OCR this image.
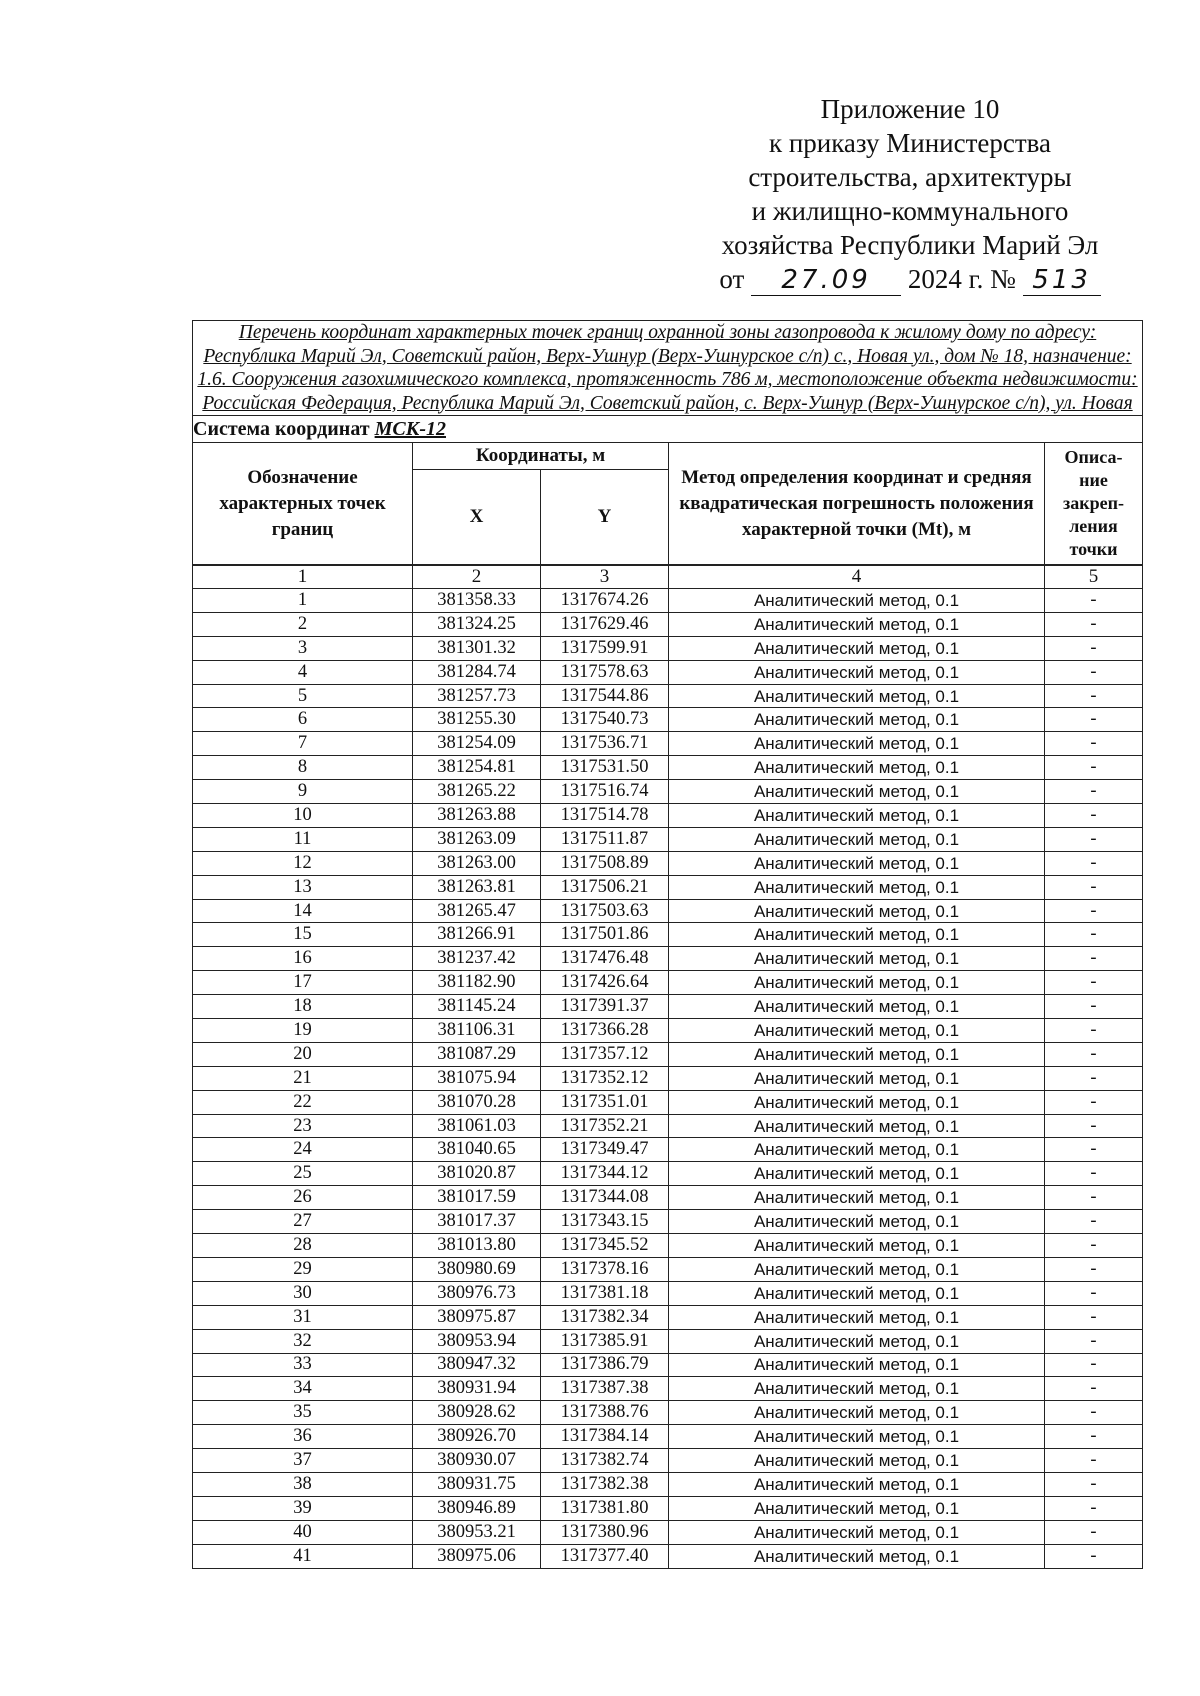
Приложение 10
к приказу Министерства
строительства, архитектуры
и жилищно-коммунального
хозяйства Республики Марий Эл
от 27.09 2024 г. № 513
Перечень координат характерных точек границ охранной зоны газопровода к жилому дому по адресу: Республика Марий Эл, Советский район, Верх-Ушнур (Верх-Ушнурское с/п) с., Новая ул., дом № 18, назначение: 1.6. Сооружения газохимического комплекса, протяженность 786 м, местоположение объекта недвижимости: Российская Федерация, Республика Марий Эл, Советский район, с. Верх-Ушнур (Верх-Ушнурское с/п), ул. Новая				
Система координат МСК-12				
Обозначение характерных точек границ	Координаты, м		Метод определения координат и средняя квадратическая погрешность положения характерной точки (Mt), м	Описа-ние закреп-ления точки
	X	Y		
1	2	3	4	5
1	381358.33	1317674.26	Аналитический метод, 0.1	-
2	381324.25	1317629.46	Аналитический метод, 0.1	-
3	381301.32	1317599.91	Аналитический метод, 0.1	-
4	381284.74	1317578.63	Аналитический метод, 0.1	-
5	381257.73	1317544.86	Аналитический метод, 0.1	-
6	381255.30	1317540.73	Аналитический метод, 0.1	-
7	381254.09	1317536.71	Аналитический метод, 0.1	-
8	381254.81	1317531.50	Аналитический метод, 0.1	-
9	381265.22	1317516.74	Аналитический метод, 0.1	-
10	381263.88	1317514.78	Аналитический метод, 0.1	-
11	381263.09	1317511.87	Аналитический метод, 0.1	-
12	381263.00	1317508.89	Аналитический метод, 0.1	-
13	381263.81	1317506.21	Аналитический метод, 0.1	-
14	381265.47	1317503.63	Аналитический метод, 0.1	-
15	381266.91	1317501.86	Аналитический метод, 0.1	-
16	381237.42	1317476.48	Аналитический метод, 0.1	-
17	381182.90	1317426.64	Аналитический метод, 0.1	-
18	381145.24	1317391.37	Аналитический метод, 0.1	-
19	381106.31	1317366.28	Аналитический метод, 0.1	-
20	381087.29	1317357.12	Аналитический метод, 0.1	-
21	381075.94	1317352.12	Аналитический метод, 0.1	-
22	381070.28	1317351.01	Аналитический метод, 0.1	-
23	381061.03	1317352.21	Аналитический метод, 0.1	-
24	381040.65	1317349.47	Аналитический метод, 0.1	-
25	381020.87	1317344.12	Аналитический метод, 0.1	-
26	381017.59	1317344.08	Аналитический метод, 0.1	-
27	381017.37	1317343.15	Аналитический метод, 0.1	-
28	381013.80	1317345.52	Аналитический метод, 0.1	-
29	380980.69	1317378.16	Аналитический метод, 0.1	-
30	380976.73	1317381.18	Аналитический метод, 0.1	-
31	380975.87	1317382.34	Аналитический метод, 0.1	-
32	380953.94	1317385.91	Аналитический метод, 0.1	-
33	380947.32	1317386.79	Аналитический метод, 0.1	-
34	380931.94	1317387.38	Аналитический метод, 0.1	-
35	380928.62	1317388.76	Аналитический метод, 0.1	-
36	380926.70	1317384.14	Аналитический метод, 0.1	-
37	380930.07	1317382.74	Аналитический метод, 0.1	-
38	380931.75	1317382.38	Аналитический метод, 0.1	-
39	380946.89	1317381.80	Аналитический метод, 0.1	-
40	380953.21	1317380.96	Аналитический метод, 0.1	-
41	380975.06	1317377.40	Аналитический метод, 0.1	-
